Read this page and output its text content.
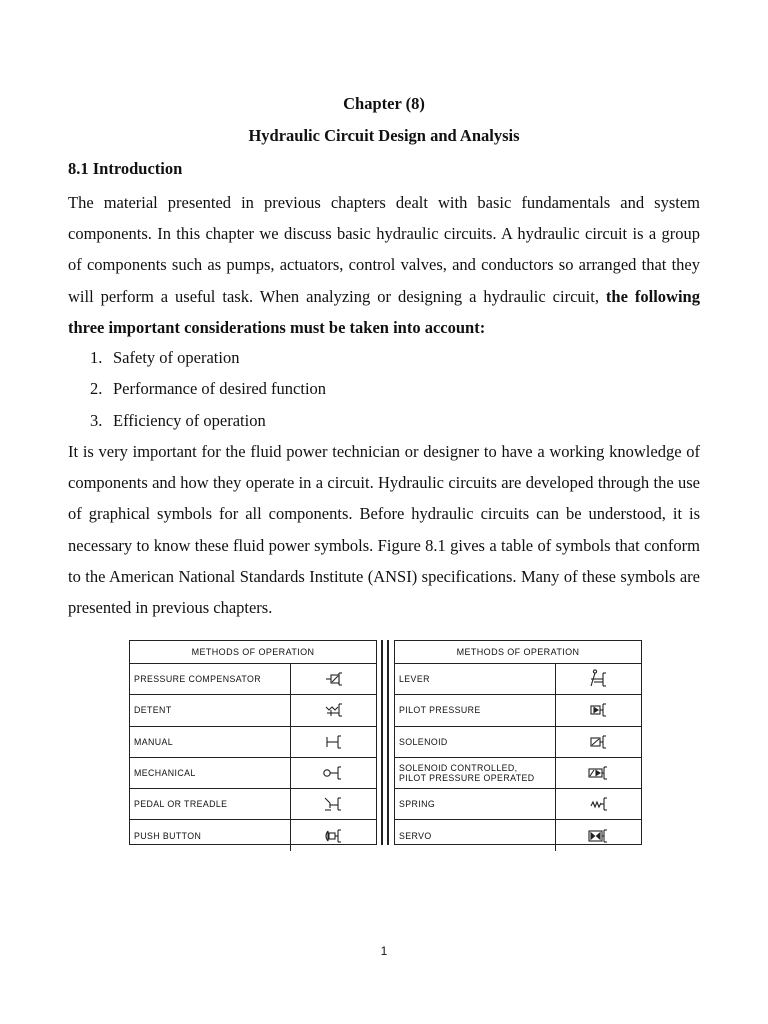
Chapter (8)
Hydraulic Circuit Design and Analysis
8.1 Introduction

The material presented in previous chapters dealt with basic fundamentals and system components. In this chapter we discuss basic hydraulic circuits. A hydraulic circuit is a group of components such as pumps, actuators, control valves, and conductors so arranged that they will perform a useful task. When analyzing or designing a hydraulic circuit, the following three important considerations must be taken into account:

1. Safety of operation
2. Performance of desired function
3. Efficiency of operation

It is very important for the fluid power technician or designer to have a working knowledge of components and how they operate in a circuit. Hydraulic circuits are developed through the use of graphical symbols for all components. Before hydraulic circuits can be understood, it is necessary to know these fluid power symbols. Figure 8.1 gives a table of symbols that conform to the American National Standards Institute (ANSI) specifications. Many of these symbols are presented in previous chapters.

METHODS OF OPERATION
PRESSURE COMPENSATOR
DETENT
MANUAL
MECHANICAL
PEDAL OR TREADLE
PUSH BUTTON
METHODS OF OPERATION
LEVER
PILOT PRESSURE
SOLENOID
SOLENOID CONTROLLED,
PILOT PRESSURE OPERATED
SPRING
SERVO
1
